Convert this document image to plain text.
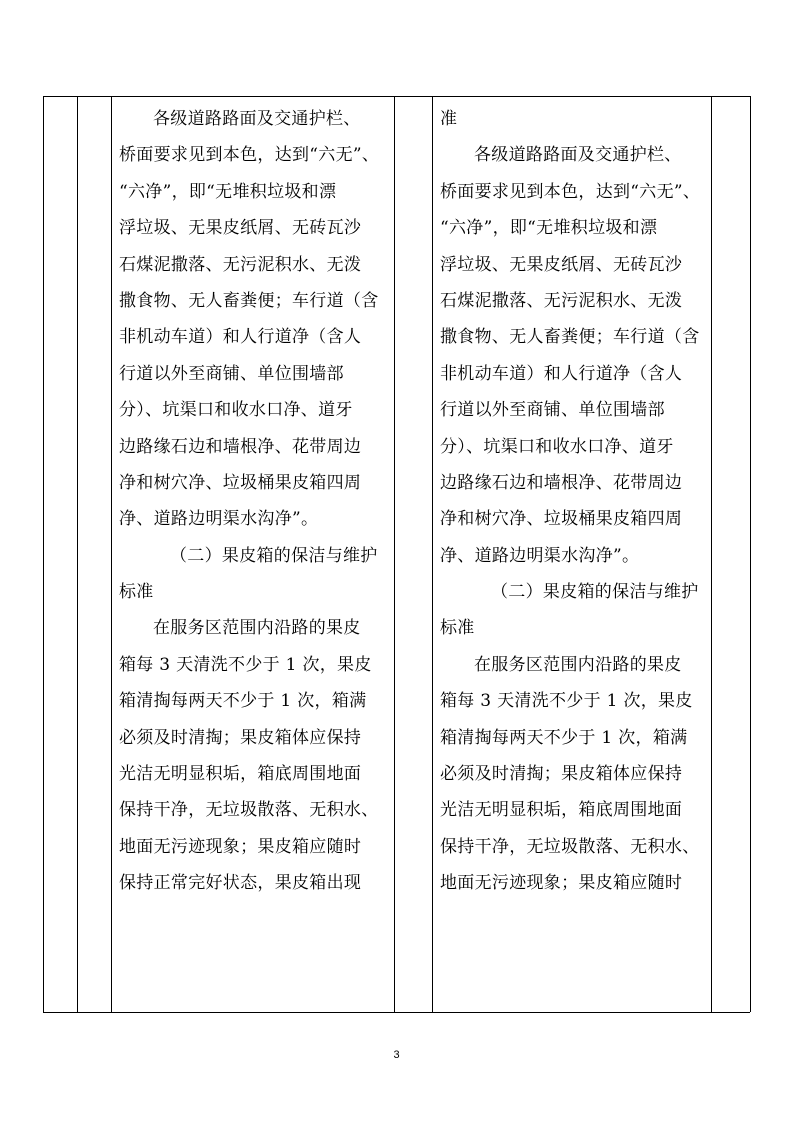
各级道路路面及交通护栏、
桥面要求见到本色，达到“六无”、
“六净”，即“无堆积垃圾和漂
浮垃圾、无果皮纸屑、无砖瓦沙
石煤泥撒落、无污泥积水、无泼
撒食物、无人畜粪便；车行道（含
非机动车道）和人行道净（含人
行道以外至商铺、单位围墙部
分）、坑渠口和收水口净、道牙
边路缘石边和墙根净、花带周边
净和树穴净、垃圾桶果皮箱四周
净、道路边明渠水沟净”。
（二）果皮箱的保洁与维护
标准
在服务区范围内沿路的果皮
箱每 3 天清洗不少于 1 次，果皮
箱清掏每两天不少于 1 次，箱满
必须及时清掏；果皮箱体应保持
光洁无明显积垢，箱底周围地面
保持干净，无垃圾散落、无积水、
地面无污迹现象；果皮箱应随时
保持正常完好状态，果皮箱出现
准
各级道路路面及交通护栏、
桥面要求见到本色，达到“六无”、
“六净”，即“无堆积垃圾和漂
浮垃圾、无果皮纸屑、无砖瓦沙
石煤泥撒落、无污泥积水、无泼
撒食物、无人畜粪便；车行道（含
非机动车道）和人行道净（含人
行道以外至商铺、单位围墙部
分）、坑渠口和收水口净、道牙
边路缘石边和墙根净、花带周边
净和树穴净、垃圾桶果皮箱四周
净、道路边明渠水沟净”。
（二）果皮箱的保洁与维护
标准
在服务区范围内沿路的果皮
箱每 3 天清洗不少于 1 次，果皮
箱清掏每两天不少于 1 次，箱满
必须及时清掏；果皮箱体应保持
光洁无明显积垢，箱底周围地面
保持干净，无垃圾散落、无积水、
地面无污迹现象；果皮箱应随时
3
